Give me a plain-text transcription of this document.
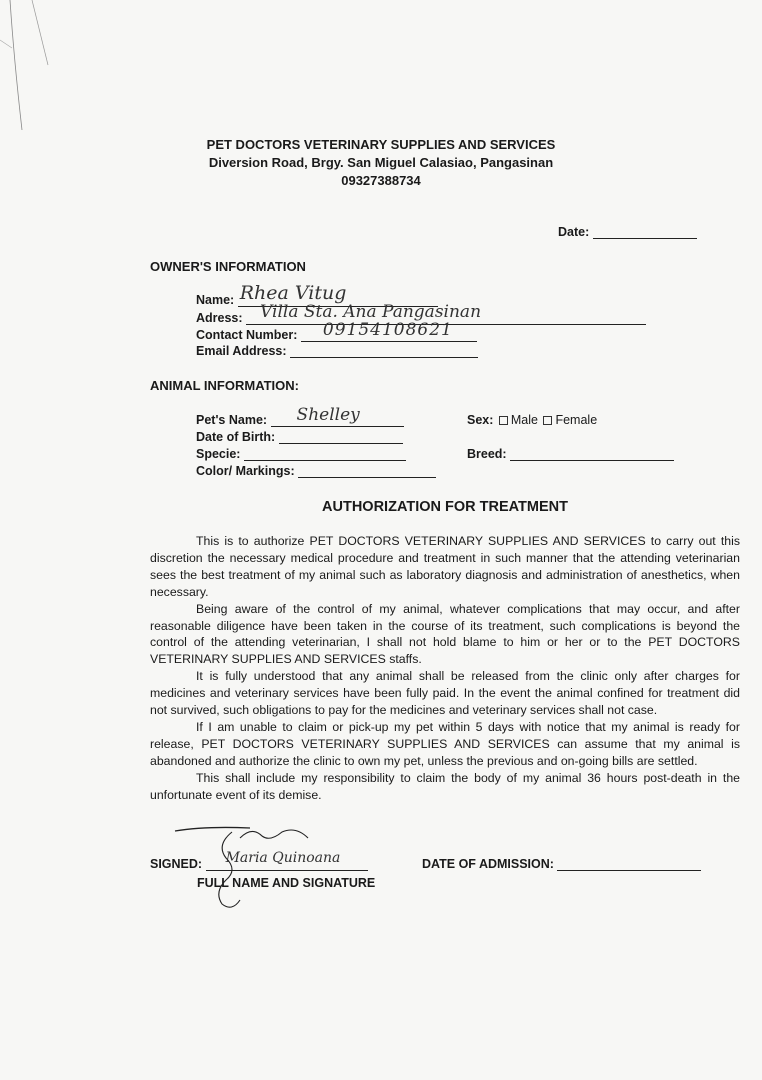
PET DOCTORS VETERINARY SUPPLIES AND SERVICES
Diversion Road, Brgy. San Miguel Calasiao, Pangasinan
09327388734
Date:
OWNER'S INFORMATION
Name: Rhea Vitug
Adress: Villa Sta. Ana Pangasinan
Contact Number: 09154108621
Email Address:
ANIMAL INFORMATION:
Pet's Name: Shelley
Date of Birth:
Specie:
Color/ Markings:
Sex: Male Female
Breed:
AUTHORIZATION FOR TREATMENT

This is to authorize PET DOCTORS VETERINARY SUPPLIES AND SERVICES to carry out this discretion the necessary medical procedure and treatment in such manner that the attending veterinarian sees the best treatment of my animal such as laboratory diagnosis and administration of anesthetics, when necessary.

Being aware of the control of my animal, whatever complications that may occur, and after reasonable diligence have been taken in the course of its treatment, such complications is beyond the control of the attending veterinarian, I shall not hold blame to him or her or to the PET DOCTORS VETERINARY SUPPLIES AND SERVICES staffs.

It is fully understood that any animal shall be released from the clinic only after charges for medicines and veterinary services have been fully paid. In the event the animal confined for treatment did not survived, such obligations to pay for the medicines and veterinary services shall not case.

If I am unable to claim or pick-up my pet within 5 days with notice that my animal is ready for release, PET DOCTORS VETERINARY SUPPLIES AND SERVICES can assume that my animal is abandoned and authorize the clinic to own my pet, unless the previous and on-going bills are settled.

This shall include my responsibility to claim the body of my animal 36 hours post-death in the unfortunate event of its demise.

SIGNED: Maria Quinoana
FULL NAME AND SIGNATURE
DATE OF ADMISSION:
